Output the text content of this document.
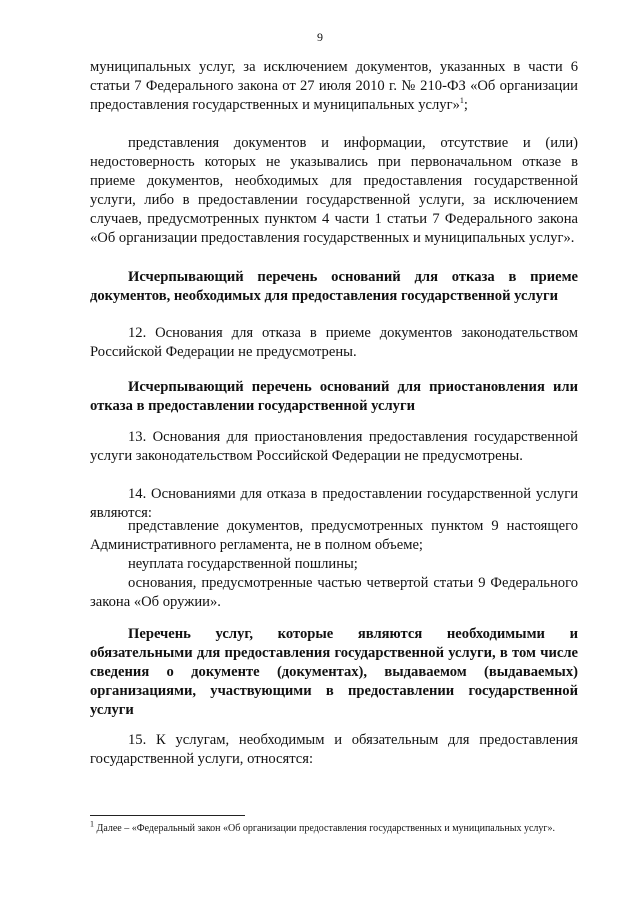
9

муниципальных услуг, за исключением документов, указанных в части 6 статьи 7 Федерального закона от 27 июля 2010 г. № 210-ФЗ «Об организации предоставления государственных и муниципальных услуг»$^1$;

представления документов и информации, отсутствие и (или) недостоверность которых не указывались при первоначальном отказе в приеме документов, необходимых для предоставления государственной услуги, либо в предоставлении государственной услуги, за исключением случаев, предусмотренных пунктом 4 части 1 статьи 7 Федерального закона «Об организации предоставления государственных и муниципальных услуг».

Исчерпывающий перечень оснований для отказа в приеме документов, необходимых для предоставления государственной услуги

12. Основания для отказа в приеме документов законодательством Российской Федерации не предусмотрены.

Исчерпывающий перечень оснований для приостановления или отказа в предоставлении государственной услуги

13. Основания для приостановления предоставления государственной услуги законодательством Российской Федерации не предусмотрены.

14. Основаниями для отказа в предоставлении государственной услуги являются:

представление документов, предусмотренных пунктом 9 настоящего Административного регламента, не в полном объеме;

неуплата государственной пошлины;

основания, предусмотренные частью четвертой статьи 9 Федерального закона «Об оружии».

Перечень услуг, которые являются необходимыми и обязательными для предоставления государственной услуги, в том числе сведения о документе (документах), выдаваемом (выдаваемых) организациями, участвующими в предоставлении государственной услуги

15. К услугам, необходимым и обязательным для предоставления государственной услуги, относятся:

$^1$ Далее – «Федеральный закон «Об организации предоставления государственных и муниципальных услуг».
